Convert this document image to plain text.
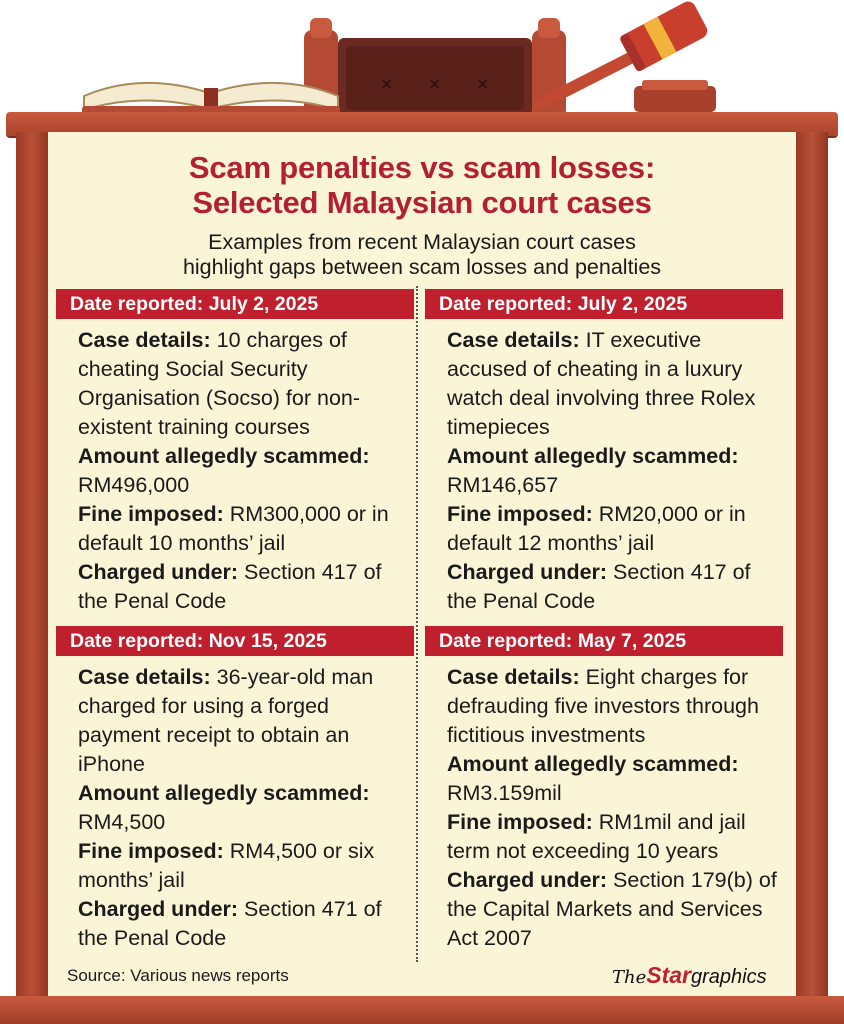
✕ ✕ ✕
Scam penalties vs scam losses:
Selected Malaysian court cases
Examples from recent Malaysian court cases
highlight gaps between scam losses and penalties
Date reported: July 2, 2025

Case details: 10 charges of cheating Social Security Organisation (Socso) for non-existent training courses

Amount allegedly scammed:
RM496,000

Fine imposed: RM300,000 or in default 10 months’ jail

Charged under: Section 417 of the Penal Code

Date reported: July 2, 2025

Case details: IT executive accused of cheating in a luxury watch deal involving three Rolex timepieces

Amount allegedly scammed:
RM146,657

Fine imposed: RM20,000 or in default 12 months’ jail

Charged under: Section 417 of the Penal Code

Date reported: Nov 15, 2025

Case details: 36-year-old man charged for using a forged payment receipt to obtain an iPhone

Amount allegedly scammed:
RM4,500

Fine imposed: RM4,500 or six months’ jail

Charged under: Section 471 of the Penal Code

Date reported: May 7, 2025

Case details: Eight charges for defrauding five investors through fictitious investments

Amount allegedly scammed:
RM3.159mil

Fine imposed: RM1mil and jail term not exceeding 10 years

Charged under: Section 179(b) of the Capital Markets and Services Act 2007

Source: Various news reports	TheStargraphics
